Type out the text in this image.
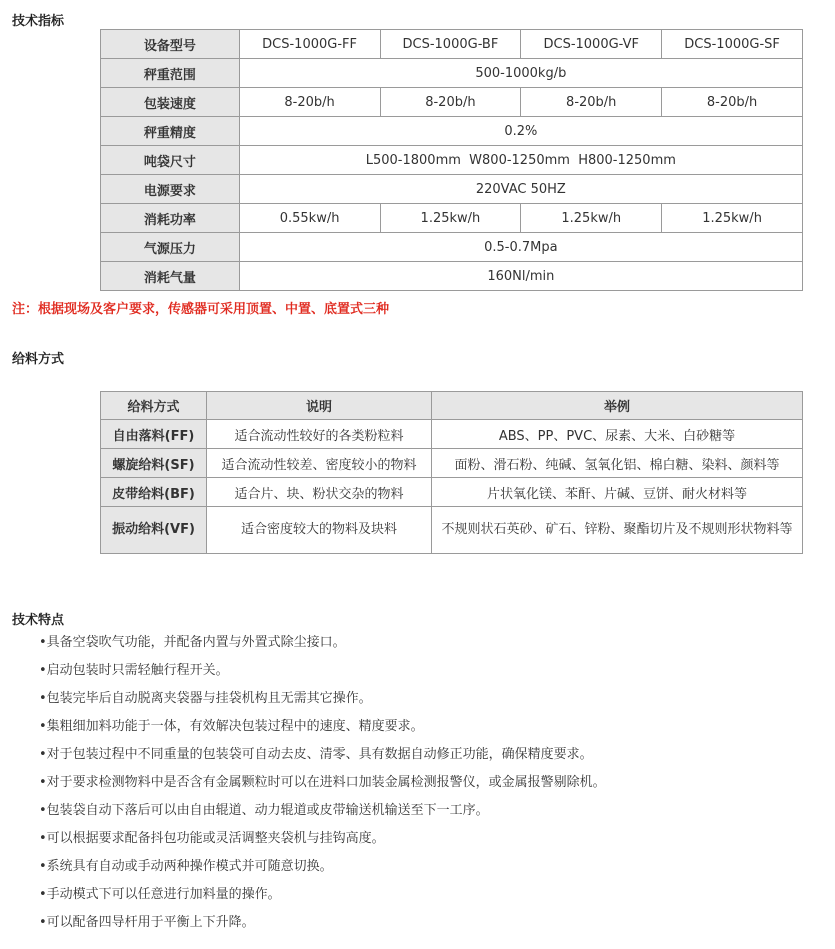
技术指标
设备型号	DCS-1000G-FF	DCS-1000G-BF	DCS-1000G-VF	DCS-1000G-SF
秤重范围	500-1000kg/b			
包装速度	8-20b/h	8-20b/h	8-20b/h	8-20b/h
秤重精度	0.2%			
吨袋尺寸	L500-1800mm  W800-1250mm  H800-1250mm			
电源要求	220VAC 50HZ			
消耗功率	0.55kw/h	1.25kw/h	1.25kw/h	1.25kw/h
气源压力	0.5-0.7Mpa			
消耗气量	160Nl/min			
注：根据现场及客户要求，传感器可采用顶置、中置、底置式三种
给料方式
给料方式	说明	举例
自由落料(FF)	适合流动性较好的各类粉粒料	ABS、PP、PVC、尿素、大米、白砂糖等
螺旋给料(SF)	适合流动性较差、密度较小的物料	面粉、滑石粉、纯碱、氢氧化铝、棉白糖、染料、颜料等
皮带给料(BF)	适合片、块、粉状交杂的物料	片状氧化镁、苯酐、片碱、豆饼、耐火材料等
振动给料(VF)	适合密度较大的物料及块料	不规则状石英砂、矿石、锌粉、聚酯切片及不规则形状物料等
技术特点
•具备空袋吹气功能，并配备内置与外置式除尘接口。
•启动包装时只需轻触行程开关。
•包装完毕后自动脱离夹袋器与挂袋机构且无需其它操作。
•集粗细加料功能于一体，有效解决包装过程中的速度、精度要求。
•对于包装过程中不同重量的包装袋可自动去皮、清零、具有数据自动修正功能，确保精度要求。
•对于要求检测物料中是否含有金属颗粒时可以在进料口加装金属检测报警仪，或金属报警剔除机。
•包装袋自动下落后可以由自由辊道、动力辊道或皮带输送机输送至下一工序。
•可以根据要求配备抖包功能或灵活调整夹袋机与挂钩高度。
•系统具有自动或手动两种操作模式并可随意切换。
•手动模式下可以任意进行加料量的操作。
•可以配备四导杆用于平衡上下升降。
